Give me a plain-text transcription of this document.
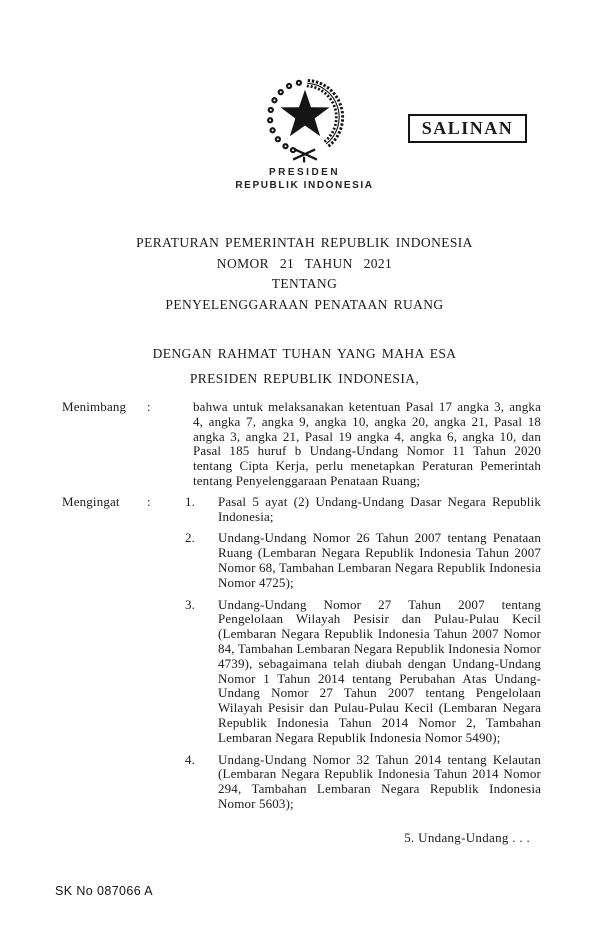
SALINAN
PRESIDEN
REPUBLIK INDONESIA
PERATURAN PEMERINTAH REPUBLIK INDONESIA
NOMOR 21 TAHUN 2021
TENTANG
PENYELENGGARAAN PENATAAN RUANG
DENGAN RAHMAT TUHAN YANG MAHA ESA
PRESIDEN REPUBLIK INDONESIA,
Menimbang	:	bahwa untuk melaksanakan ketentuan Pasal 17 angka 3, angka 4, angka 7, angka 9, angka 10, angka 20, angka 21, Pasal 18 angka 3, angka 21, Pasal 19 angka 4, angka 6, angka 10, dan Pasal 185 huruf b Undang-Undang Nomor 11 Tahun 2020 tentang Cipta Kerja, perlu menetapkan Peraturan Pemerintah tentang Penyelenggaraan Penataan Ruang;
Mengingat	:	1.	Pasal 5 ayat (2) Undang-Undang Dasar Negara Republik Indonesia;
2.	Undang-Undang Nomor 26 Tahun 2007 tentang Penataan Ruang (Lembaran Negara Republik Indonesia Tahun 2007 Nomor 68, Tambahan Lembaran Negara Republik Indonesia Nomor 4725);
3.	Undang-Undang Nomor 27 Tahun 2007 tentang Pengelolaan Wilayah Pesisir dan Pulau-Pulau Kecil (Lembaran Negara Republik Indonesia Tahun 2007 Nomor 84, Tambahan Lembaran Negara Republik Indonesia Nomor 4739), sebagaimana telah diubah dengan Undang-Undang Nomor 1 Tahun 2014 tentang Perubahan Atas Undang-Undang Nomor 27 Tahun 2007 tentang Pengelolaan Wilayah Pesisir dan Pulau-Pulau Kecil (Lembaran Negara Republik Indonesia Tahun 2014 Nomor 2, Tambahan Lembaran Negara Republik Indonesia Nomor 5490);
4.	Undang-Undang Nomor 32 Tahun 2014 tentang Kelautan (Lembaran Negara Republik Indonesia Tahun 2014 Nomor 294, Tambahan Lembaran Negara Republik Indonesia Nomor 5603);
5. Undang-Undang . . .
SK No 087066 A
